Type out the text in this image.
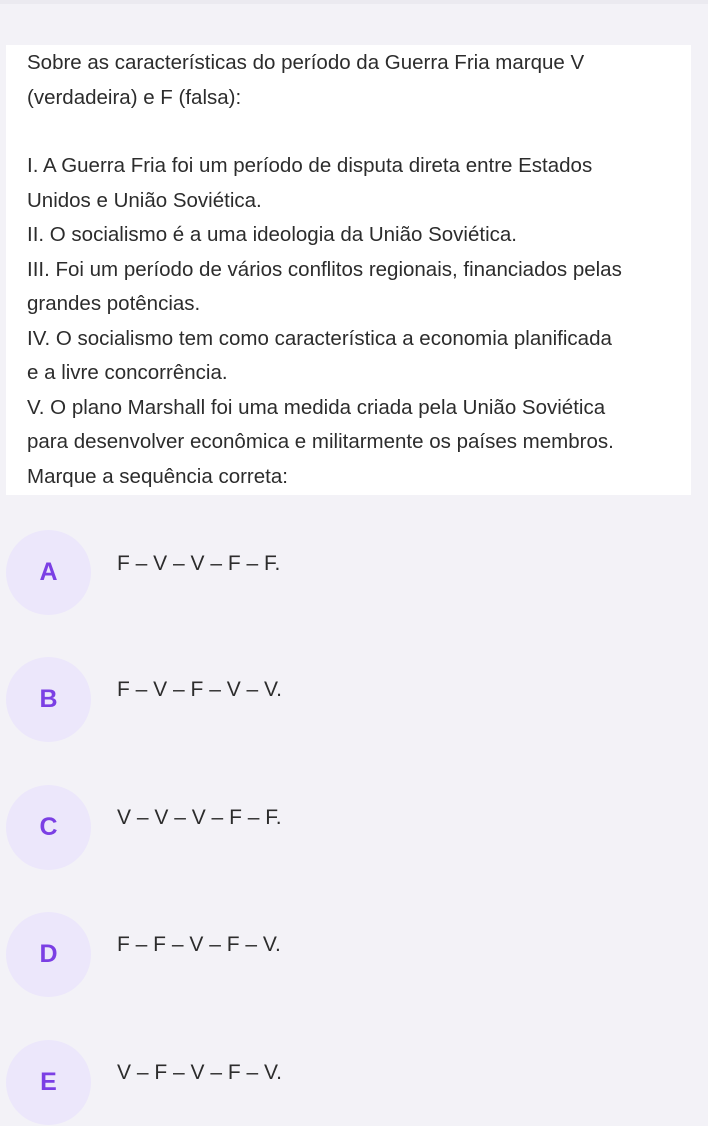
Sobre as características do período da Guerra Fria marque V
(verdadeira) e F (falsa):
I. A Guerra Fria foi um período de disputa direta entre Estados
Unidos e União Soviética.
II. O socialismo é a uma ideologia da União Soviética.
III. Foi um período de vários conflitos regionais, financiados pelas
grandes potências.
IV. O socialismo tem como característica a economia planificada
e a livre concorrência.
V. O plano Marshall foi uma medida criada pela União Soviética
para desenvolver econômica e militarmente os países membros.
Marque a sequência correta:
A	F – V – V – F – F.
B	F – V – F – V – V.
C	V – V – V – F – F.
D	F – F – V – F – V.
E	V – F – V – F – V.
